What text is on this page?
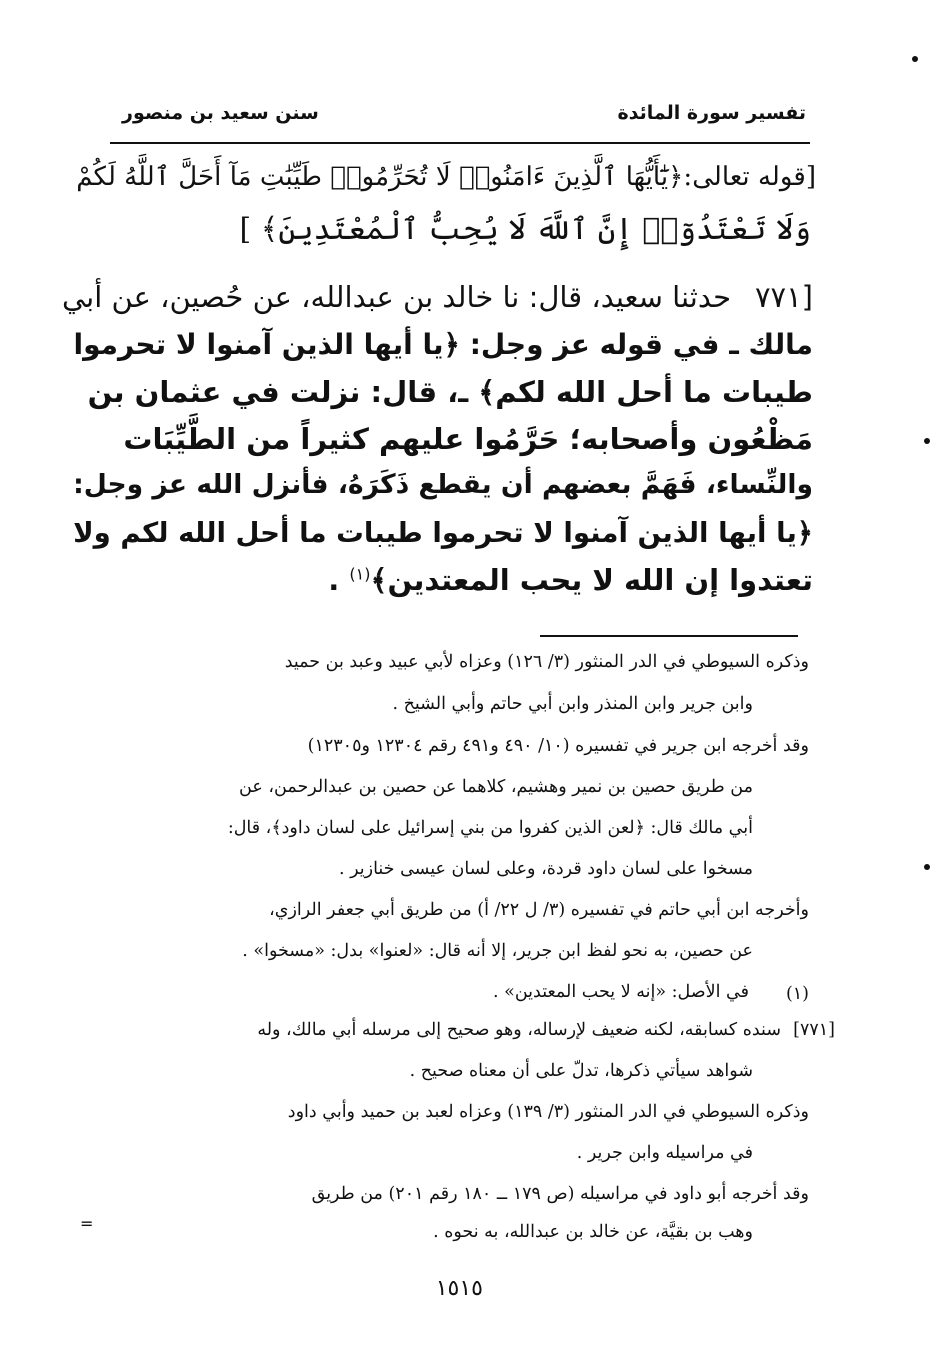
تفسير سورة المائدة
سنن سعيد بن منصور
[قوله تعالى:﴿يَٰٓأَيُّهَا ٱلَّذِينَ ءَامَنُوا۟ لَا تُحَرِّمُوا۟ طَيِّبَٰتِ مَآ أَحَلَّ ٱللَّهُ لَكُمْ
وَلَا تَعْتَدُوٓا۟ إِنَّ ٱللَّهَ لَا يُحِبُّ ٱلْمُعْتَدِينَ﴾ ]
[٧٧١
حدثنا سعيد، قال: نا خالد بن عبدالله، عن حُصين، عن أبي
مالك ـ في قوله عز وجل: ﴿يا أيها الذين آمنوا لا تحرموا
طيبات ما أحل الله لكم﴾ ـ، قال: نزلت في عثمان بن
مَظْعُون وأصحابه؛ حَرَّمُوا عليهم كثيراً من الطَّيِّبَات
والنِّساء، فَهَمَّ بعضهم أن يقطع ذَكَرَهُ، فأنزل الله عز وجل:
﴿يا أيها الذين آمنوا لا تحرموا طيبات ما أحل الله لكم ولا
تعتدوا إن الله لا يحب المعتدين﴾$^{(١)}$ .
وذكره السيوطي في الدر المنثور (٣/ ١٢٦) وعزاه لأبي عبيد وعبد بن حميد
وابن جرير وابن المنذر وابن أبي حاتم وأبي الشيخ .
وقد أخرجه ابن جرير في تفسيره (١٠/ ٤٩٠ و٤٩١ رقم ١٢٣٠٤ و١٢٣٠٥)
من طريق حصين بن نمير وهشيم، كلاهما عن حصين بن عبدالرحمن، عن
أبي مالك قال: ﴿لعن الذين كفروا من بني إسرائيل على لسان داود﴾، قال:
مسخوا على لسان داود قردة، وعلى لسان عيسى خنازير .
وأخرجه ابن أبي حاتم في تفسيره (٣/ ل ٢٢/ أ) من طريق أبي جعفر الرازي،
عن حصين، به نحو لفظ ابن جرير، إلا أنه قال: «لعنوا» بدل: «مسخوا» .
(١)
في الأصل: «إنه لا يحب المعتدين» .
[٧٧١]
سنده كسابقه، لكنه ضعيف لإرساله، وهو صحيح إلى مرسله أبي مالك، وله
شواهد سيأتي ذكرها، تدلّ على أن معناه صحيح .
وذكره السيوطي في الدر المنثور (٣/ ١٣٩) وعزاه لعبد بن حميد وأبي داود
في مراسيله وابن جرير .
وقد أخرجه أبو داود في مراسيله (ص ١٧٩ ــ ١٨٠ رقم ٢٠١) من طريق
وهب بن بقيَّة، عن خالد بن عبدالله، به نحوه .
١٥١٥
=
